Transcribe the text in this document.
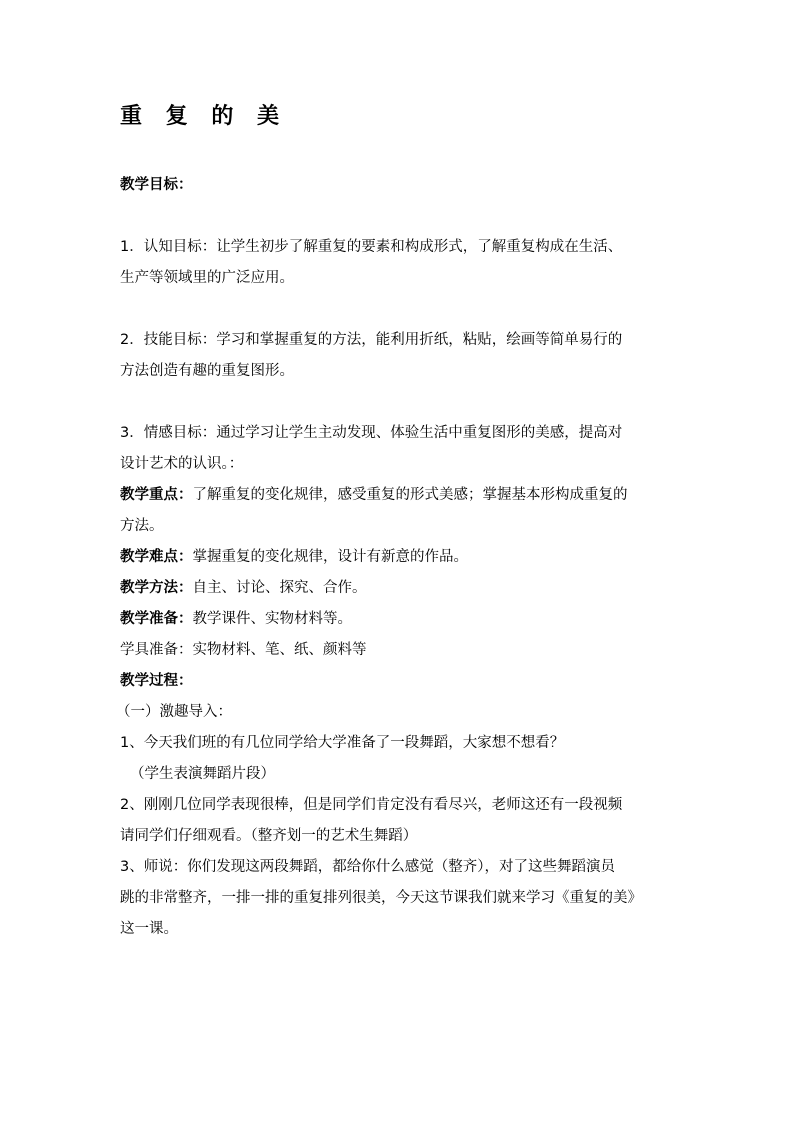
重 复 的 美
教学目标：
1．认知目标：让学生初步了解重复的要素和构成形式，了解重复构成在生活、
生产等领域里的广泛应用。
2．技能目标：学习和掌握重复的方法，能利用折纸，粘贴，绘画等简单易行的
方法创造有趣的重复图形。
3．情感目标：通过学习让学生主动发现、体验生活中重复图形的美感，提高对
设计艺术的认识。：
教学重点：了解重复的变化规律，感受重复的形式美感；掌握基本形构成重复的
方法。
教学难点：掌握重复的变化规律，设计有新意的作品。
教学方法：自主、讨论、探究、合作。
教学准备：教学课件、实物材料等。
学具准备：实物材料、笔、纸、颜料等
教学过程：
（一）激趣导入：
1、今天我们班的有几位同学给大学准备了一段舞蹈，大家想不想看？
（学生表演舞蹈片段）
2、刚刚几位同学表现很棒，但是同学们肯定没有看尽兴，老师这还有一段视频
请同学们仔细观看。（整齐划一的艺术生舞蹈）
3、师说：你们发现这两段舞蹈，都给你什么感觉（整齐），对了这些舞蹈演员
跳的非常整齐，一排一排的重复排列很美，今天这节课我们就来学习《重复的美》
这一课。
